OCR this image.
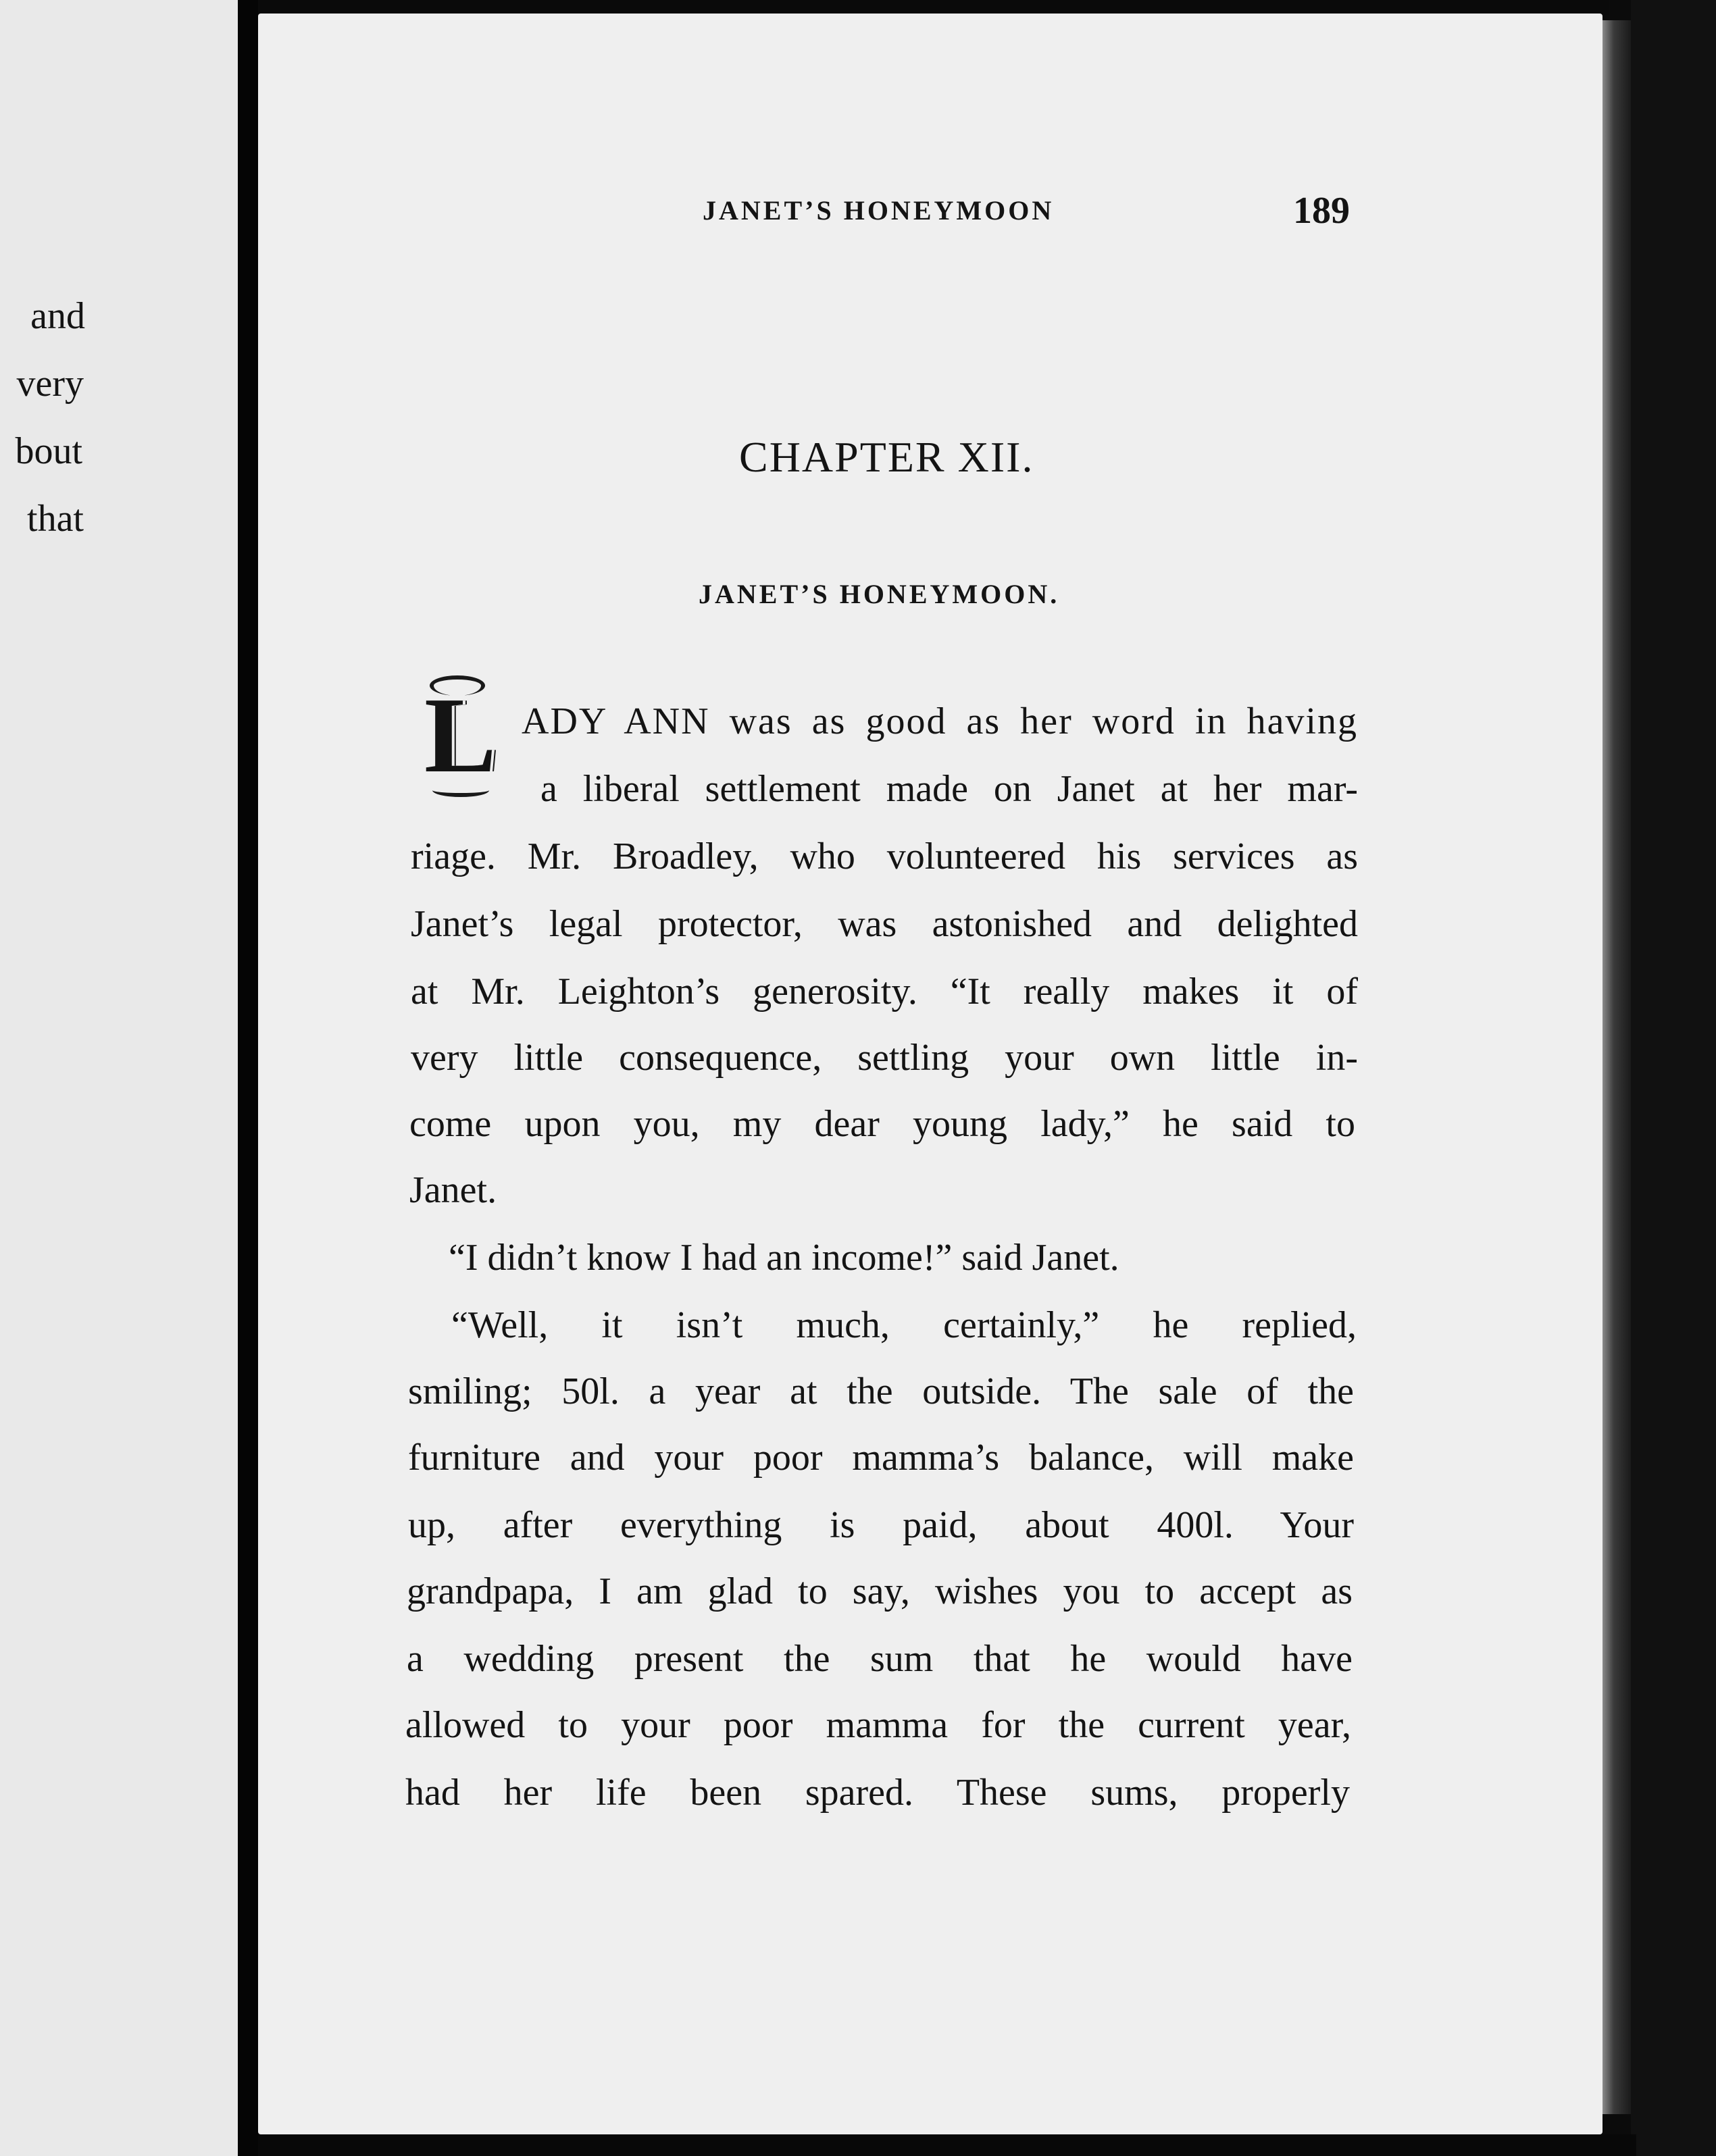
and
very
bout
that
JANET’S HONEYMOON	189
CHAPTER XII.
JANET’S HONEYMOON.
L ADY ANN was as good as her word in having
a liberal settlement made on Janet at her mar-
riage. Mr. Broadley, who volunteered his services as
Janet’s legal protector, was astonished and delighted
at Mr. Leighton’s generosity. “It really makes it of
very little consequence, settling your own little in-
come upon you, my dear young lady,” he said to
Janet.
“I didn’t know I had an income!” said Janet.
“Well, it isn’t much, certainly,” he replied,
smiling; 50l. a year at the outside. The sale of the
furniture and your poor mamma’s balance, will make
up, after everything is paid, about 400l. Your
grandpapa, I am glad to say, wishes you to accept as
a wedding present the sum that he would have
allowed to your poor mamma for the current year,
had her life been spared. These sums, properly
